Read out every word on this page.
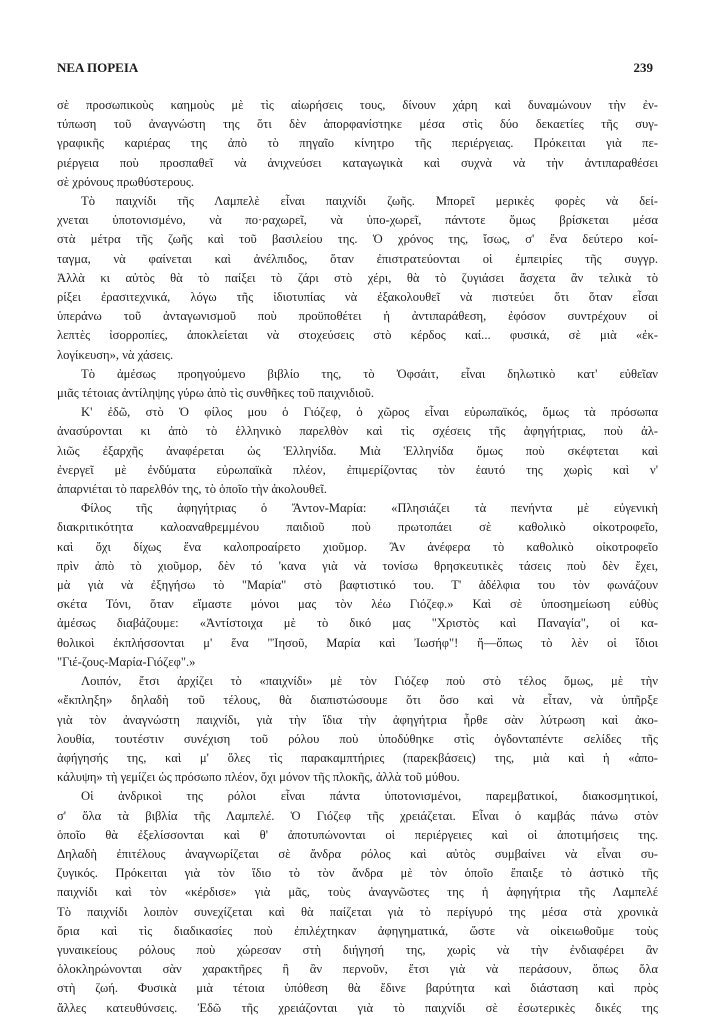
ΝΕΑ ΠΟΡΕΙΑ	239
σὲ προσωπικοὺς καημοὺς μὲ τὶς αἰωρήσεις τους, δίνουν χάρη καὶ δυναμώνουν τὴν ἐν-
τύπωση τοῦ ἀναγνώστη της ὅτι δὲν ἀπορφανίστηκε μέσα στὶς δύο δεκαετίες τῆς συγ-
γραφικῆς καριέρας της ἀπὸ τὸ πηγαῖο κίνητρο τῆς περιέργειας. Πρόκειται γιὰ πε-
ριέργεια ποὺ προσπαθεῖ νὰ ἀνιχνεύσει καταγωγικὰ καὶ συχνὰ νὰ τὴν ἀντιπαραθέσει
σὲ χρόνους πρωθύστερους.
Τὸ παιχνίδι τῆς Λαμπελὲ εἶναι παιχνίδι ζωῆς. Μπορεῖ μερικὲς φορὲς νὰ δεί-
χνεται ὑποτονισμένο, νὰ πο·ραχωρεῖ, νὰ ὑπο-χωρεῖ, πάντοτε ὅμως βρίσκεται μέσα
στὰ μέτρα τῆς ζωῆς καὶ τοῦ βασιλείου της. Ὁ χρόνος της, ἴσως, σ' ἕνα δεύτερο κοί-
ταγμα, νὰ φαίνεται καὶ ἀνέλπιδος, ὅταν ἐπιστρατεύονται οἱ ἐμπειρίες τῆς συγγρ.
Ἀλλὰ κι αὐτὸς θὰ τὸ παίξει τὸ ζάρι στὸ χέρι, θὰ τὸ ζυγιάσει ἄσχετα ἂν τελικὰ τὸ
ρίξει ἐρασιτεχνικά, λόγω τῆς ἰδιοτυπίας νὰ ἐξακολουθεῖ νὰ πιστεύει ὅτι ὅταν εἶσαι
ὑπεράνω τοῦ ἀνταγωνισμοῦ ποὺ προϋποθέτει ἡ ἀντιπαράθεση, ἐφόσον συντρέχουν οἱ
λεπτὲς ἰσορροπίες, ἀποκλείεται νὰ στοχεύσεις στὸ κέρδος καί... φυσικά, σὲ μιὰ «ἐκ-
λογίκευση», νὰ χάσεις.
Τὸ ἀμέσως προηγούμενο βιβλίο της, τὸ Ὀφσάιτ, εἶναι δηλωτικὸ κατ' εὐθεῖαν
μιᾶς τέτοιας ἀντίληψης γύρω ἀπὸ τὶς συνθῆκες τοῦ παιχνιδιοῦ.
Κ' ἐδῶ, στὸ Ὁ φίλος μου ὁ Γιόζεφ, ὁ χῶρος εἶναι εὐρωπαϊκός, ὅμως τὰ πρόσωπα
ἀνασύρονται κι ἀπὸ τὸ ἑλληνικὸ παρελθὸν καὶ τὶς σχέσεις τῆς ἀφηγήτριας, ποὺ ἀλ-
λιῶς ἐξαρχῆς ἀναφέρεται ὡς Ἑλληνίδα. Μιὰ Ἑλληνίδα ὅμως ποὺ σκέφτεται καὶ
ἐνεργεῖ μὲ ἐνδύματα εὐρωπαϊκὰ πλέον, ἐπιμερίζοντας τὸν ἑαυτό της χωρὶς καὶ ν'
ἀπαρνιέται τὸ παρελθόν της, τὸ ὁποῖο τὴν ἀκολουθεῖ.
Φίλος τῆς ἀφηγήτριας ὁ Ἄντον-Μαρία: «Πλησιάζει τὰ πενήντα μὲ εὐγενικὴ
διακριτικότητα καλοαναθρεμμένου παιδιοῦ ποὺ πρωτοπάει σὲ καθολικὸ οἰκοτροφεῖο,
καὶ ὄχι δίχως ἕνα καλοπροαίρετο χιοῦμορ. Ἂν ἀνέφερα τὸ καθολικὸ οἰκοτροφεῖο
πρὶν ἀπὸ τὸ χιοῦμορ, δὲν τό 'κανα γιὰ νὰ τονίσω θρησκευτικὲς τάσεις ποὺ δὲν ἔχει,
μὰ γιὰ νὰ ἐξηγήσω τὸ "Μαρία" στὸ βαφτιστικό του. Τ' ἀδέλφια του τὸν φωνάζουν
σκέτα Τόνι, ὅταν εἴμαστε μόνοι μας τὸν λέω Γιόζεφ.» Καὶ σὲ ὑποσημείωση εὐθὺς
ἀμέσως διαβάζουμε: «Ἀντίστοιχα μὲ τὸ δικό μας "Χριστὸς καὶ Παναγία", οἱ κα-
θολικοὶ ἐκπλήσσονται μ' ἕνα "Ἰησοῦ, Μαρία καὶ Ἰωσήφ"! ἤ—ὅπως τὸ λὲν οἱ ἴδιοι
"Γιέ-ζους-Μαρία-Γιόζεφ".»
Λοιπόν, ἔτσι ἀρχίζει τὸ «παιχνίδι» μὲ τὸν Γιόζεφ ποὺ στὸ τέλος ὅμως, μὲ τὴν
«ἔκπληξη» δηλαδὴ τοῦ τέλους, θὰ διαπιστώσουμε ὅτι ὅσο καὶ νὰ εἶταν, νὰ ὑπῆρξε
γιὰ τὸν ἀναγνώστη παιχνίδι, γιὰ τὴν ἴδια τὴν ἀφηγήτρια ἦρθε σὰν λύτρωση καὶ ἀκο-
λουθία, τουτέστιν συνέχιση τοῦ ρόλου ποὺ ὑποδύθηκε στὶς ὀγδονταπέντε σελίδες τῆς
ἀφήγησής της, καὶ μ' ὅλες τὶς παρακαμπτήριες (παρεκβάσεις) της, μιὰ καὶ ἡ «ἀπο-
κάλυψη» τὴ γεμίζει ὡς πρόσωπο πλέον, ὄχι μόνον τῆς πλοκῆς, ἀλλὰ τοῦ μύθου.
Οἱ ἀνδρικοὶ της ρόλοι εἶναι πάντα ὑποτονισμένοι, παρεμβατικοί, διακοσμητικοί,
σ' ὅλα τὰ βιβλία τῆς Λαμπελέ. Ὁ Γιόζεφ τῆς χρειάζεται. Εἶναι ὁ καμβάς πάνω στὸν
ὁποῖο θὰ ἐξελίσσονται καὶ θ' ἀποτυπώνονται οἱ περιέργειες καὶ οἱ ἀποτιμήσεις της.
Δηλαδὴ ἐπιτέλους ἀναγνωρίζεται σὲ ἄνδρα ρόλος καὶ αὐτὸς συμβαίνει νὰ εἶναι συ-
ζυγικός. Πρόκειται γιὰ τὸν ἴδιο τὸ τὸν ἄνδρα μὲ τὸν ὁποῖο ἔπαιξε τὸ ἀστικὸ τῆς
παιχνίδι καὶ τὸν «κέρδισε» γιὰ μᾶς, τοὺς ἀναγνῶστες της ἡ ἀφηγήτρια τῆς Λαμπελέ
Τὸ παιχνίδι λοιπὸν συνεχίζεται καὶ θὰ παίζεται γιὰ τὸ περίγυρό της μέσα στὰ χρονικὰ
ὅρια καὶ τὶς διαδικασίες ποὺ ἐπιλέχτηκαν ἀφηγηματικά, ὥστε νὰ οἰκειωθοῦμε τοὺς
γυναικείους ρόλους ποὺ χώρεσαν στὴ διήγησή της, χωρὶς νὰ τὴν ἐνδιαφέρει ἂν
ὁλοκληρώνονται σὰν χαρακτῆρες ἢ ἂν περνοῦν, ἔτσι γιὰ νὰ περάσουν, ὅπως ὅλα
στὴ ζωή. Φυσικὰ μιὰ τέτοια ὑπόθεση θὰ ἔδινε βαρύτητα καὶ διάσταση καὶ πρὸς
ἄλλες κατευθύνσεις. Ἐδῶ τῆς χρειάζονται γιὰ τὸ παιχνίδι σὲ ἐσωτερικὲς δικές της
